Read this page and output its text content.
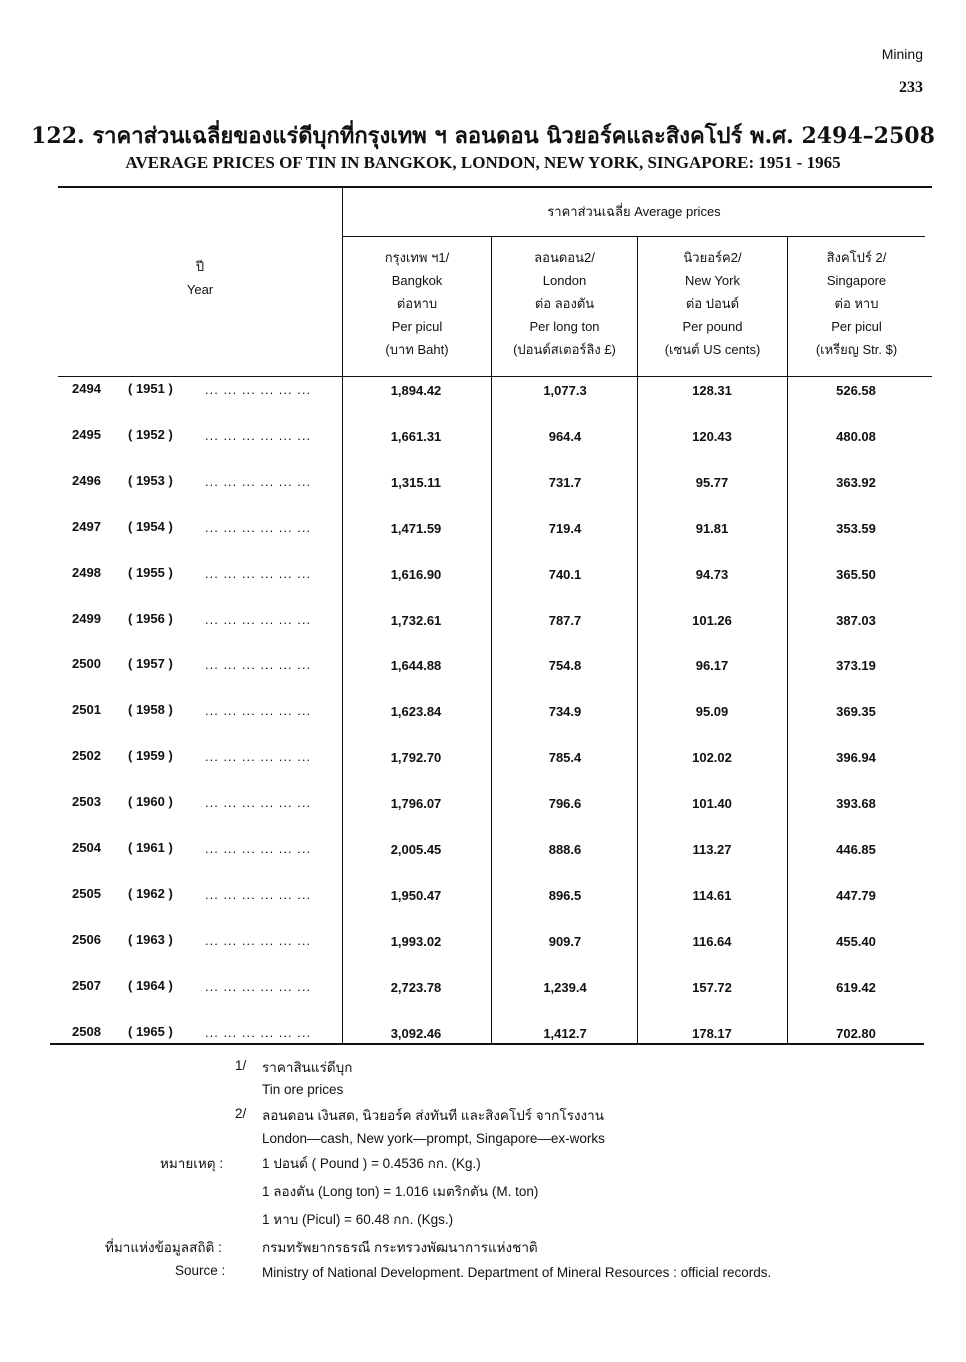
Mining
233
122. ราคาส่วนเฉลี่ยของแร่ดีบุกที่กรุงเทพ ฯ ลอนดอน นิวยอร์คและสิงคโปร์ พ.ศ. 2494–2508
AVERAGE PRICES OF TIN IN BANGKOK, LONDON, NEW YORK, SINGAPORE: 1951 - 1965
ราคาส่วนเฉลี่ย Average prices
ปี
Year
กรุงเทพ ฯ1/
Bangkok
ต่อหาบ
Per picul
(บาท Baht)
ลอนดอน2/
London
ต่อ ลองตัน
Per long ton
(ปอนด์สเตอร์ลิง £)
นิวยอร์ค2/
New York
ต่อ ปอนด์
Per pound
(เซนต์ US cents)
สิงคโปร์ 2/
Singapore
ต่อ หาบ
Per picul
(เหรียญ Str. $)
2494 ( 1951 ) ... ... ... ... ... ...	1,894.42	1,077.3	128.31	526.58
2495 ( 1952 ) ... ... ... ... ... ...	1,661.31	964.4	120.43	480.08
2496 ( 1953 ) ... ... ... ... ... ...	1,315.11	731.7	95.77	363.92
2497 ( 1954 ) ... ... ... ... ... ...	1,471.59	719.4	91.81	353.59
2498 ( 1955 ) ... ... ... ... ... ...	1,616.90	740.1	94.73	365.50
2499 ( 1956 ) ... ... ... ... ... ...	1,732.61	787.7	101.26	387.03
2500 ( 1957 ) ... ... ... ... ... ...	1,644.88	754.8	96.17	373.19
2501 ( 1958 ) ... ... ... ... ... ...	1,623.84	734.9	95.09	369.35
2502 ( 1959 ) ... ... ... ... ... ...	1,792.70	785.4	102.02	396.94
2503 ( 1960 ) ... ... ... ... ... ...	1,796.07	796.6	101.40	393.68
2504 ( 1961 ) ... ... ... ... ... ...	2,005.45	888.6	113.27	446.85
2505 ( 1962 ) ... ... ... ... ... ...	1,950.47	896.5	114.61	447.79
2506 ( 1963 ) ... ... ... ... ... ...	1,993.02	909.7	116.64	455.40
2507 ( 1964 ) ... ... ... ... ... ...	2,723.78	1,239.4	157.72	619.42
2508 ( 1965 ) ... ... ... ... ... ...	3,092.46	1,412.7	178.17	702.80
1/ ราคาสินแร่ดีบุก
Tin ore prices
2/ ลอนดอน เงินสด, นิวยอร์ค ส่งทันที และสิงคโปร์ จากโรงงาน
London—cash, New york—prompt, Singapore—ex-works
หมายเหตุ :	1 ปอนด์ ( Pound ) = 0.4536 กก. (Kg.)
1 ลองตัน (Long ton) = 1.016 เมตริกตัน (M. ton)
1 หาบ (Picul) = 60.48 กก. (Kgs.)
ที่มาแห่งข้อมูลสถิติ :	กรมทรัพยากรธรณี กระทรวงพัฒนาการแห่งชาติ
Source :	Ministry of National Development. Department of Mineral Resources : official records.
